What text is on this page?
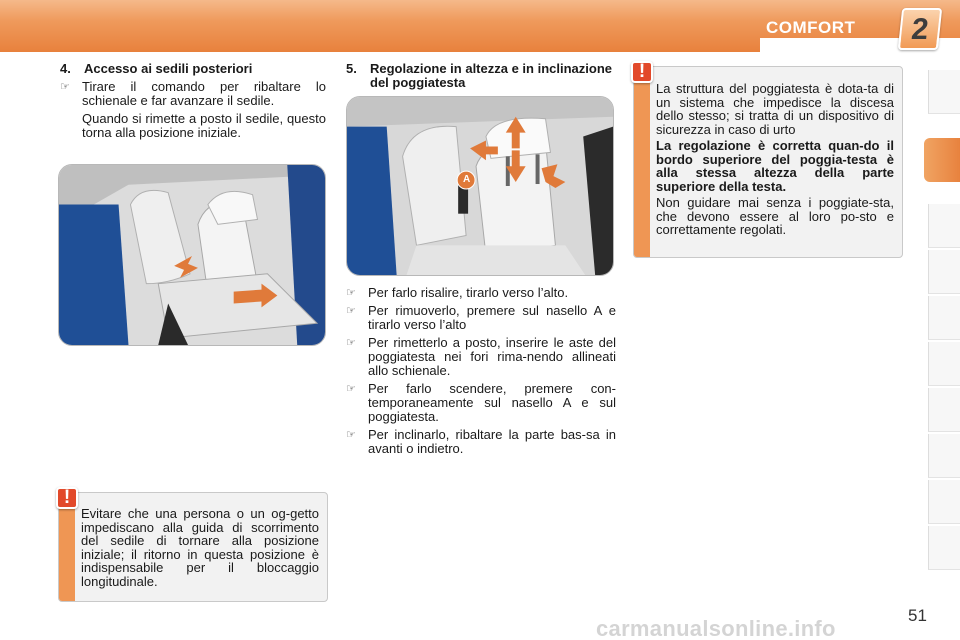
COMFORT	2
4.	Accesso ai sedili posteriori
☞ Tirare il comando per ribaltare lo schienale e far avanzare il sedile.
Quando si rimette a posto il sedile, questo torna alla posizione iniziale.
5.	Regolazione in altezza e in inclinazione del poggiatesta
A
☞ Per farlo risalire, tirarlo verso l’alto.
☞ Per rimuoverlo, premere sul nasello A e tirarlo verso l’alto
☞ Per rimetterlo a posto, inserire le aste del poggiatesta nei fori rima-nendo allineati allo schienale.
☞ Per farlo scendere, premere con-temporaneamente sul nasello A e sul poggiatesta.
☞ Per inclinarlo, ribaltare la parte bas-sa in avanti o indietro.
!

La struttura del poggiatesta è dota-ta di un sistema che impedisce la discesa dello stesso; si tratta di un dispositivo di sicurezza in caso di urto

La regolazione è corretta quan-do il bordo superiore del poggia-testa è alla stessa altezza della parte superiore della testa.

Non guidare mai senza i poggiate-sta, che devono essere al loro po-sto e correttamente regolati.

!
Evitare che una persona o un og-getto impediscano alla guida di scorrimento del sedile di tornare alla posizione iniziale; il ritorno in questa posizione è indispensabile per il bloccaggio longitudinale.
51
carmanualsonline.info
